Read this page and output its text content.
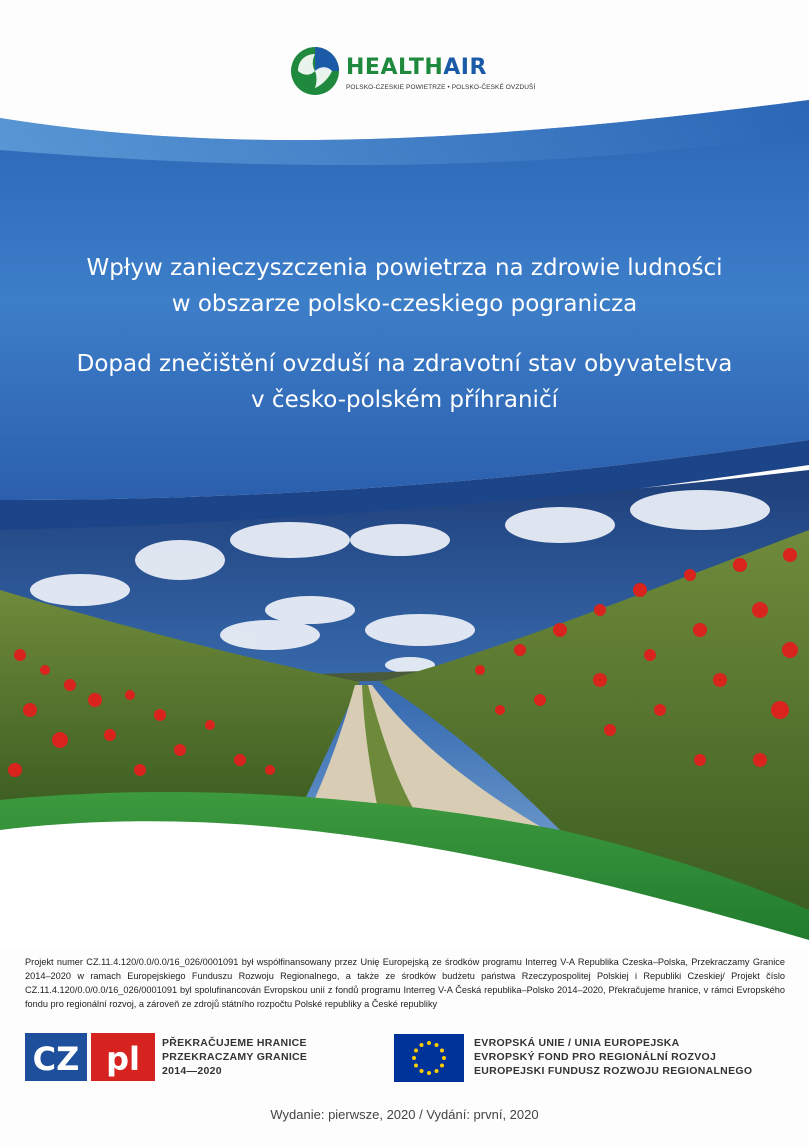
HEALTHAIR
POLSKO-CZESKIE POWIETRZE • POLSKO-ČESKÉ OVZDUŠÍ
Wpływ zanieczyszczenia powietrza na zdrowie ludności
w obszarze polsko-czeskiego pogranicza
Dopad znečištění ovzduší na zdravotní stav obyvatelstva
v česko-polském příhraničí
Projekt numer CZ.11.4.120/0.0/0.0/16_026/0001091 był współfinansowany przez Unię Europejską ze środków programu Interreg V-A Republika Czeska–Polska, Przekraczamy Granice 2014–2020 w ramach Europejskiego Funduszu Rozwoju Regionalnego, a także ze środków budżetu państwa Rzeczypospolitej Polskiej i Republiki Czeskiej/ Projekt číslo CZ.11.4.120/0.0/0.0/16_026/0001091 byl spolufinancován Evropskou unií z fondů programu Interreg V-A Česká republika–Polsko 2014–2020, Překračujeme hranice, v rámci Evropského fondu pro regionální rozvoj, a zároveň ze zdrojů státního rozpočtu Polské republiky a České republiky
CZ pl PŘEKRAČUJEME HRANICE
PRZEKRACZAMY GRANICE
2014—2020
EVROPSKÁ UNIE / UNIA EUROPEJSKA
EVROPSKÝ FOND PRO REGIONÁLNÍ ROZVOJ
EUROPEJSKI FUNDUSZ ROZWOJU REGIONALNEGO
Wydanie: pierwsze, 2020 / Vydání: první, 2020
